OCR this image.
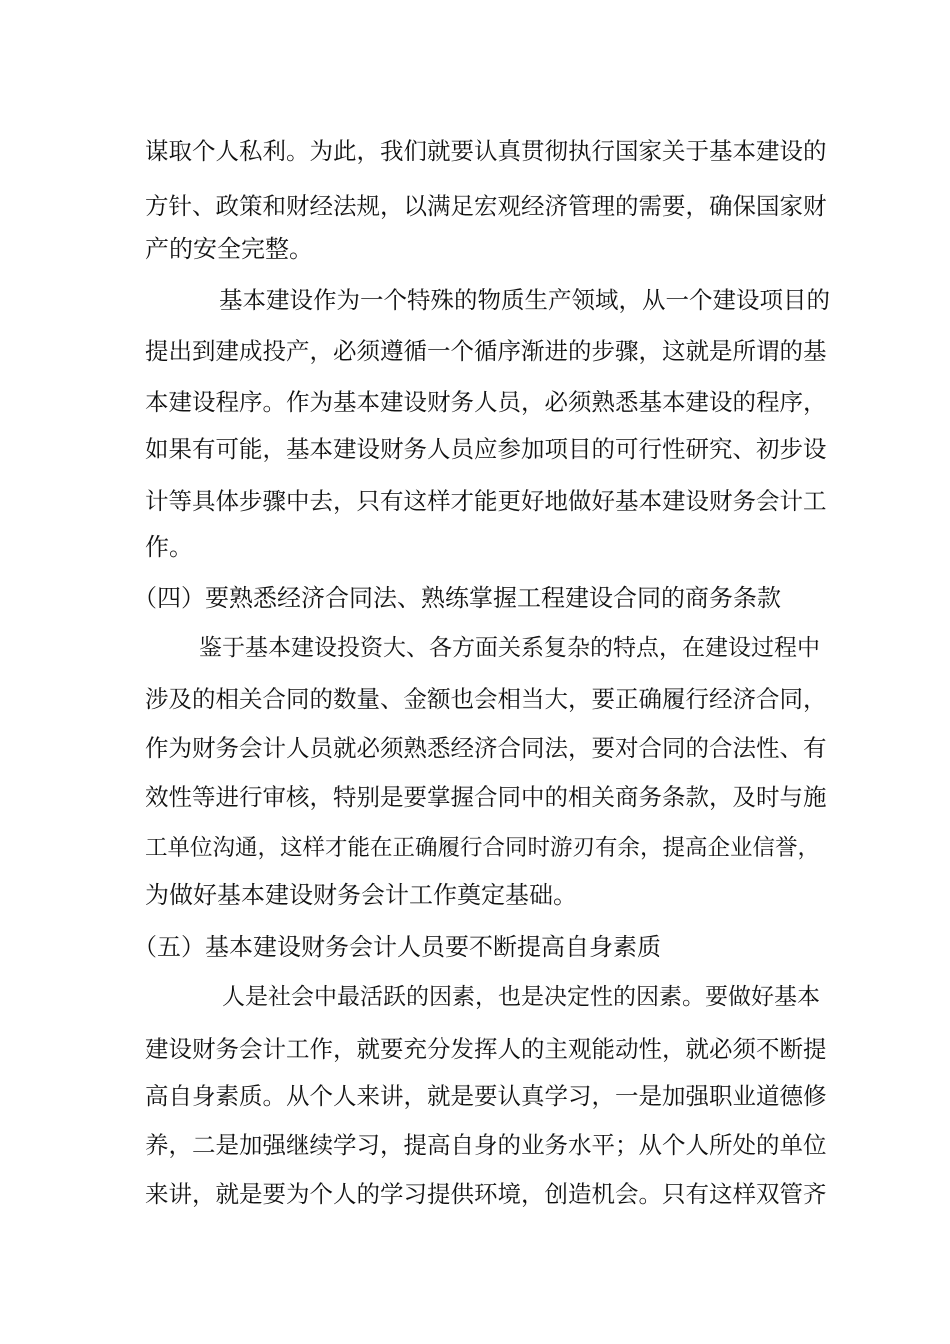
谋取个人私利。为此，我们就要认真贯彻执行国家关于基本建设的

方针、政策和财经法规，以满足宏观经济管理的需要，确保国家财

产的安全完整。

基本建设作为一个特殊的物质生产领域，从一个建设项目的

提出到建成投产，必须遵循一个循序渐进的步骤，这就是所谓的基

本建设程序。作为基本建设财务人员，必须熟悉基本建设的程序，

如果有可能，基本建设财务人员应参加项目的可行性研究、初步设

计等具体步骤中去，只有这样才能更好地做好基本建设财务会计工

作。

（四）要熟悉经济合同法、熟练掌握工程建设合同的商务条款

鉴于基本建设投资大、各方面关系复杂的特点，在建设过程中

涉及的相关合同的数量、金额也会相当大，要正确履行经济合同，

作为财务会计人员就必须熟悉经济合同法，要对合同的合法性、有

效性等进行审核，特别是要掌握合同中的相关商务条款，及时与施

工单位沟通，这样才能在正确履行合同时游刃有余，提高企业信誉，

为做好基本建设财务会计工作奠定基础。

（五）基本建设财务会计人员要不断提高自身素质

人是社会中最活跃的因素，也是决定性的因素。要做好基本

建设财务会计工作，就要充分发挥人的主观能动性，就必须不断提

高自身素质。从个人来讲，就是要认真学习，一是加强职业道德修

养，二是加强继续学习，提高自身的业务水平；从个人所处的单位

来讲，就是要为个人的学习提供环境，创造机会。只有这样双管齐
